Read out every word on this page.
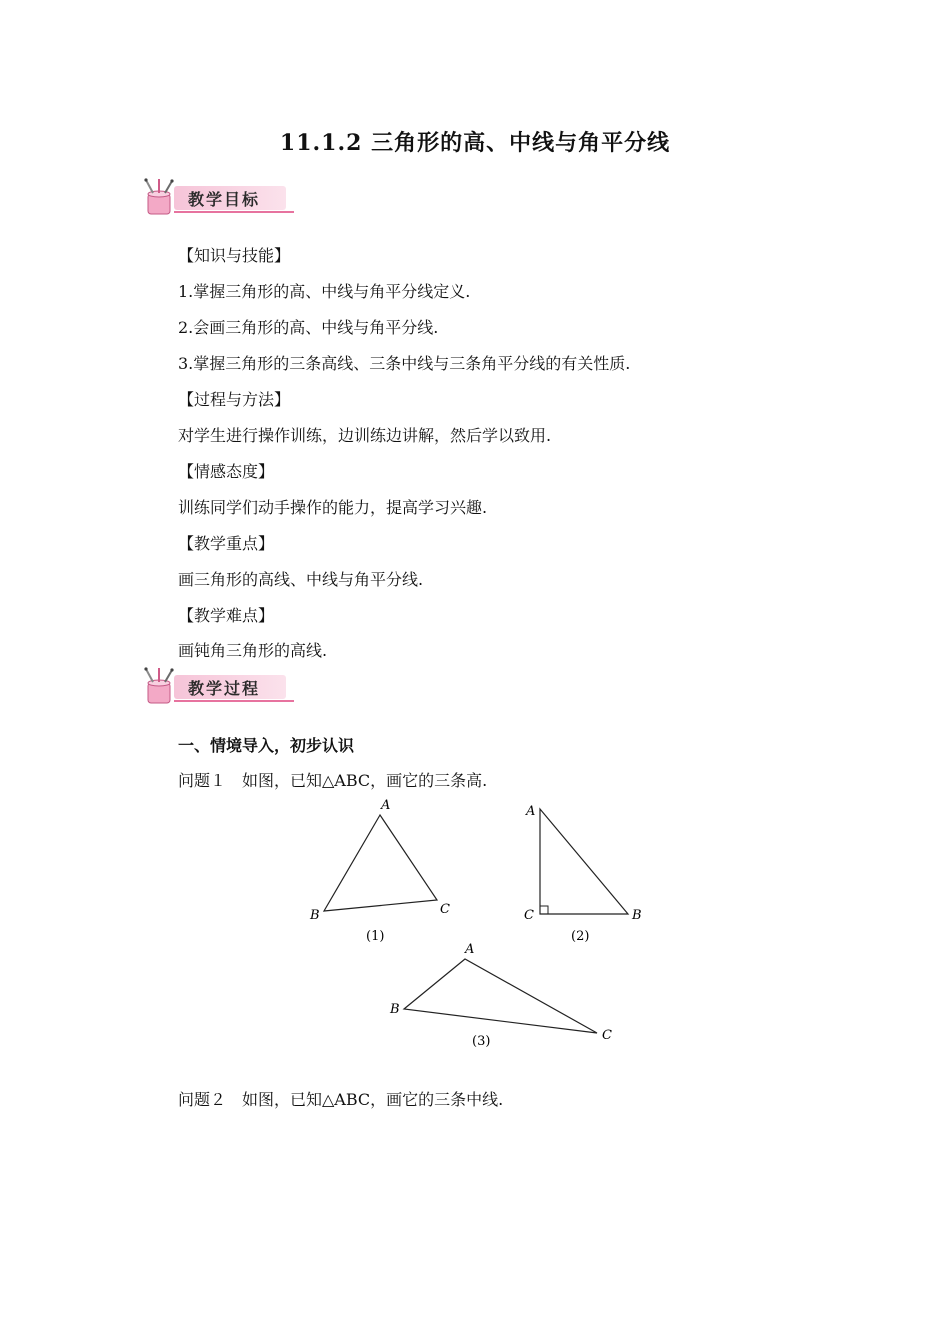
11.1.2 三角形的高、中线与角平分线
教学目标
【知识与技能】
1.掌握三角形的高、中线与角平分线定义.
2.会画三角形的高、中线与角平分线.
3.掌握三角形的三条高线、三条中线与三条角平分线的有关性质.
【过程与方法】
对学生进行操作训练，边训练边讲解，然后学以致用.
【情感态度】
训练同学们动手操作的能力，提高学习兴趣.
【教学重点】
画三角形的高线、中线与角平分线.
【教学难点】
画钝角三角形的高线.
教学过程
一、情境导入，初步认识
问题１　如图，已知△ABC，画它的三条高.
A
B	C
(1)
A
C	B
(2)
A
B
C
(3)
问题２　如图，已知△ABC，画它的三条中线.
